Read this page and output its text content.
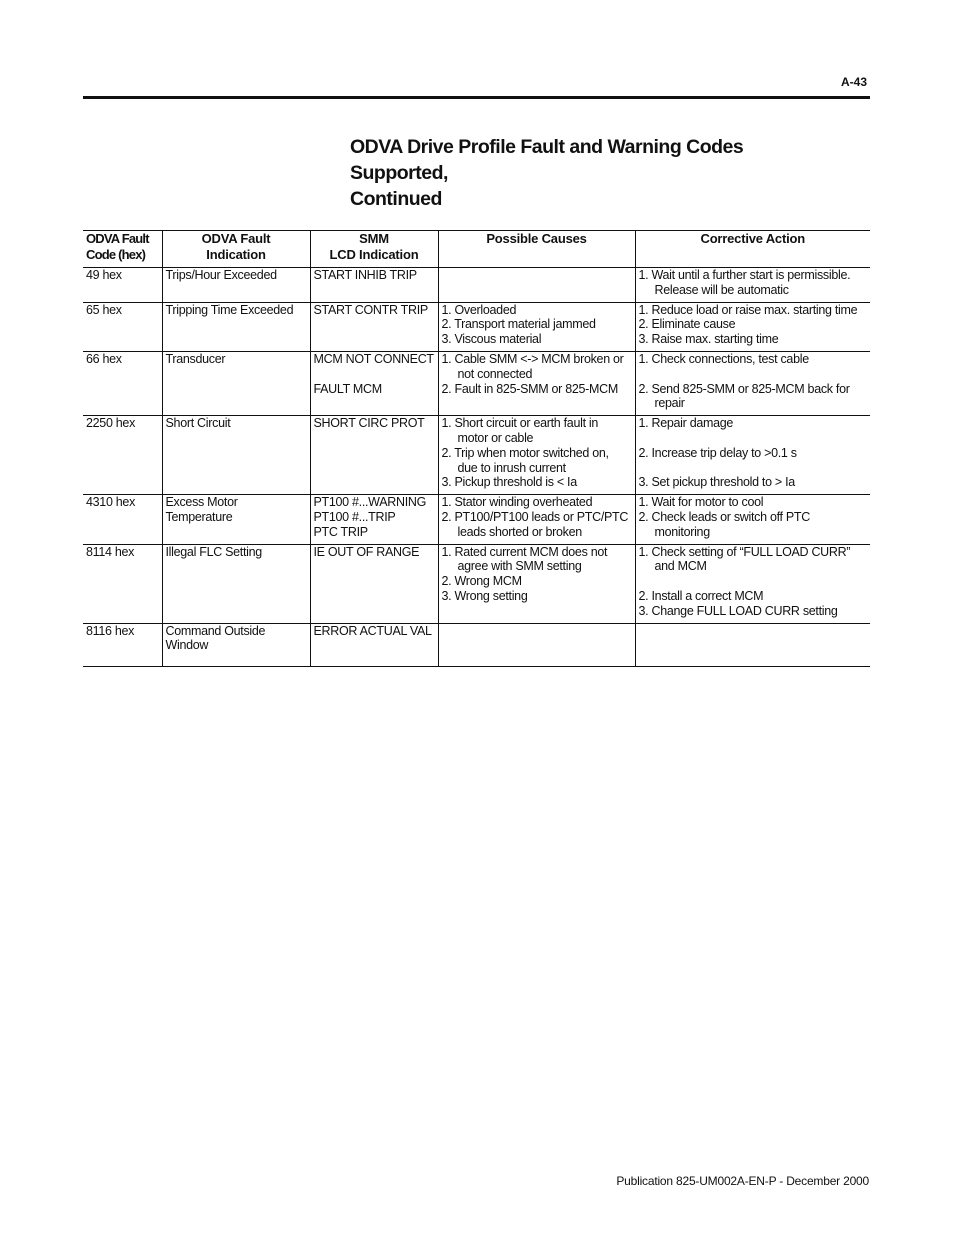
A-43
ODVA Drive Profile Fault and Warning Codes Supported,
Continued
ODVA Fault
Code (hex)	ODVA Fault
Indication	SMM
LCD Indication	Possible Causes	Corrective Action

49 hex	Trips/Hour Exceeded	START INHIB TRIP		1. Wait until a further start is permissible.
Release will be automatic

65 hex	Tripping Time Exceeded	START CONTR TRIP	1. Overloaded
2. Transport material jammed
3. Viscous material	1. Reduce load or raise max. starting time
2. Eliminate cause
3. Raise max. starting time

66 hex	Transducer	MCM NOT CONNECT
FAULT MCM	1. Cable SMM <-> MCM broken or
not connected
2. Fault in 825-SMM or 825-MCM	1. Check connections, test cable
2. Send 825-SMM or 825-MCM back for
repair

2250 hex	Short Circuit	SHORT CIRC PROT	1. Short circuit or earth fault in
motor or cable
2. Trip when motor switched on,
due to inrush current
3. Pickup threshold is < Ia	1. Repair damage
2. Increase trip delay to >0.1 s
3. Set pickup threshold to > Ia

4310 hex	Excess Motor
Temperature	PT100 #...WARNING
PT100 #...TRIP
PTC TRIP	1. Stator winding overheated
2. PT100/PT100 leads or PTC/PTC
leads shorted or broken	1. Wait for motor to cool
2. Check leads or switch off PTC
monitoring

8114 hex	Illegal FLC Setting	IE OUT OF RANGE	1. Rated current MCM does not
agree with SMM setting
2. Wrong MCM
3. Wrong setting	1. Check setting of “FULL LOAD CURR”
and MCM
2. Install a correct MCM
3. Change FULL LOAD CURR setting

8116 hex	Command Outside
Window	ERROR ACTUAL VAL		

Publication 825-UM002A-EN-P - December 2000
